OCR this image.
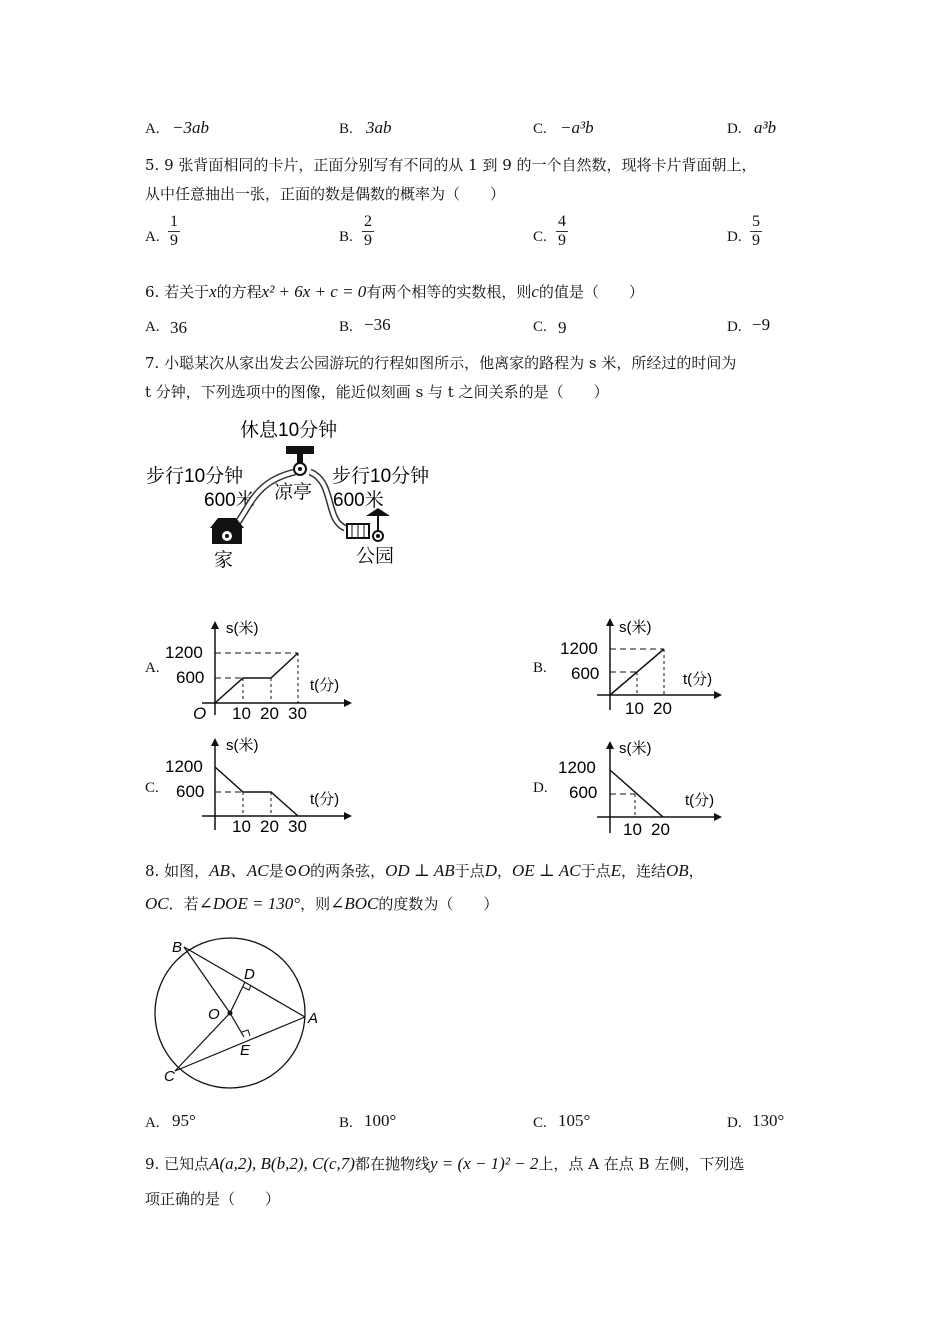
A. −3ab	B. 3ab	C. −a³b	D. a³b
5. 9 张背面相同的卡片，正面分别写有不同的从 1 到 9 的一个自然数，现将卡片背面朝上，
从中任意抽出一张，正面的数是偶数的概率为（　　）
A. $\frac{1}{9}$	B. $\frac{2}{9}$	C. $\frac{4}{9}$	D. $\frac{5}{9}$
6. 若关于x的方程x² + 6x + c = 0有两个相等的实数根，则c的值是（　　）
A. 36	B. −36	C. 9	D. −9
7. 小聪某次从家出发去公园游玩的行程如图所示，他离家的路程为 s 米，所经过的时间为
t 分钟，下列选项中的图像，能近似刻画 s 与 t 之间关系的是（　　）
休息10分钟
步行10分钟
600米 凉亭
步行10分钟
600米
家	公园
A.
s(米)
t(分)
1200
600
O 10 20 30
B.
s(米)
t(分)
1200
600
10 20
C.
s(米)
t(分)
1200
600
10 20 30
D.
s(米)
t(分)
1200
600
10 20
8. 如图，AB、AC是⊙O的两条弦，OD ⊥ AB于点D，OE ⊥ AC于点E，连结OB，
OC．若∠DOE = 130°，则∠BOC的度数为（　　）
B
D
O	A
E
C
A. 95°	B. 100°	C. 105°	D. 130°
9. 已知点A(a,2), B(b,2), C(c,7)都在抛物线y = (x − 1)² − 2上，点 A 在点 B 左侧，下列选
项正确的是（　　）
